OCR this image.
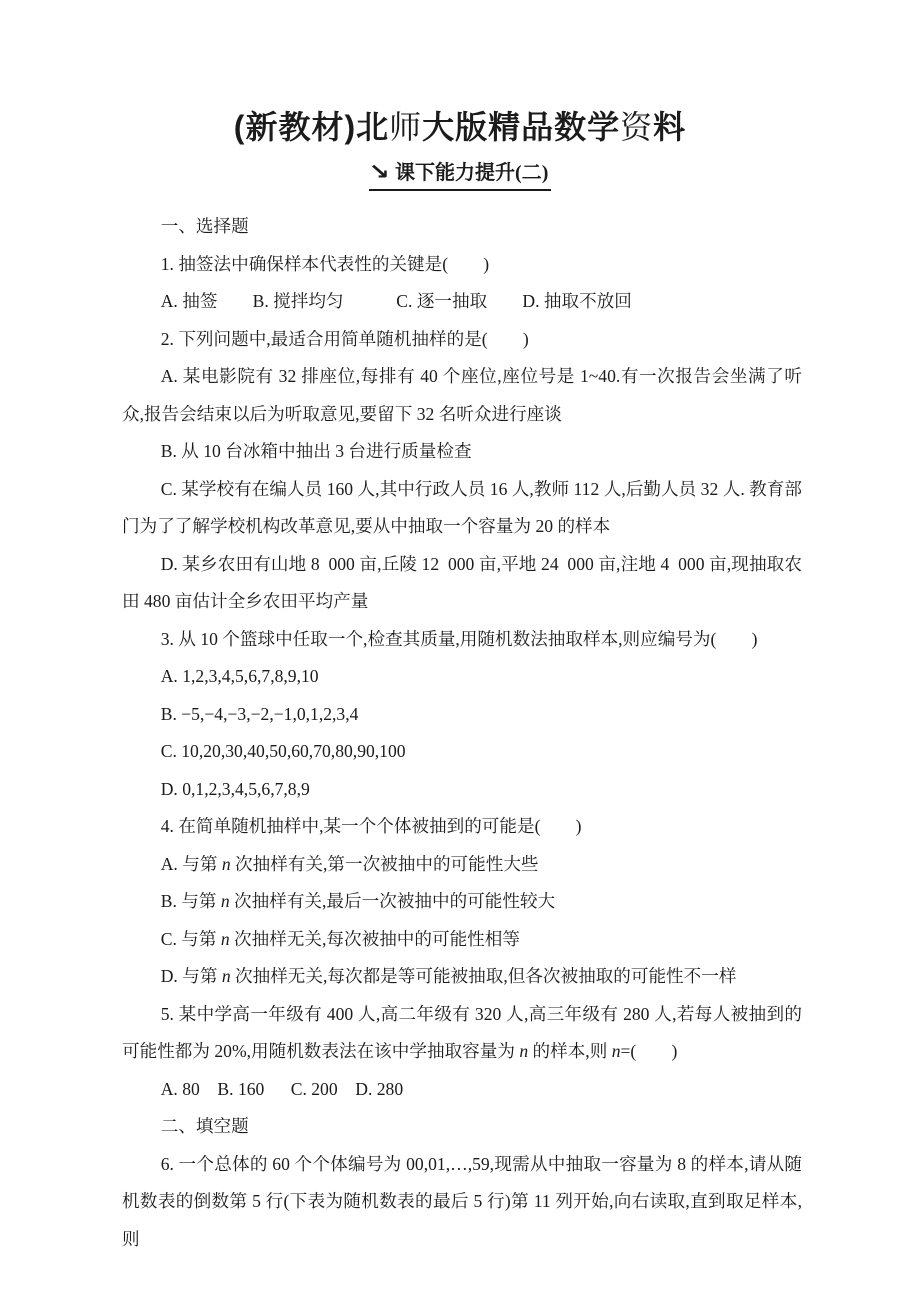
(新教材)北师大版精品数学资料
↘ 课下能力提升(二)

一、选择题

1. 抽签法中确保样本代表性的关键是(　　)

A. 抽签　　B. 搅拌均匀　　　C. 逐一抽取　　D. 抽取不放回

2. 下列问题中,最适合用简单随机抽样的是(　　)

A. 某电影院有 32 排座位,每排有 40 个座位,座位号是 1~40.有一次报告会坐满了听众,报告会结束以后为听取意见,要留下 32 名听众进行座谈

B. 从 10 台冰箱中抽出 3 台进行质量检查

C. 某学校有在编人员 160 人,其中行政人员 16 人,教师 112 人,后勤人员 32 人. 教育部门为了了解学校机构改革意见,要从中抽取一个容量为 20 的样本

D. 某乡农田有山地 8 000 亩,丘陵 12 000 亩,平地 24 000 亩,注地 4 000 亩,现抽取农田 480 亩估计全乡农田平均产量

3. 从 10 个篮球中任取一个,检查其质量,用随机数法抽取样本,则应编号为(　　)

A. 1,2,3,4,5,6,7,8,9,10

B. −5,−4,−3,−2,−1,0,1,2,3,4

C. 10,20,30,40,50,60,70,80,90,100

D. 0,1,2,3,4,5,6,7,8,9

4. 在简单随机抽样中,某一个个体被抽到的可能是(　　)

A. 与第 n 次抽样有关,第一次被抽中的可能性大些

B. 与第 n 次抽样有关,最后一次被抽中的可能性较大

C. 与第 n 次抽样无关,每次被抽中的可能性相等

D. 与第 n 次抽样无关,每次都是等可能被抽取,但各次被抽取的可能性不一样

5. 某中学高一年级有 400 人,高二年级有 320 人,高三年级有 280 人,若每人被抽到的可能性都为 20%,用随机数表法在该中学抽取容量为 n 的样本,则 n=(　　)

A. 80　B. 160　 C. 200　D. 280

二、填空题

6. 一个总体的 60 个个体编号为 00,01,…,59,现需从中抽取一容量为 8 的样本,请从随机数表的倒数第 5 行(下表为随机数表的最后 5 行)第 11 列开始,向右读取,直到取足样本,则
